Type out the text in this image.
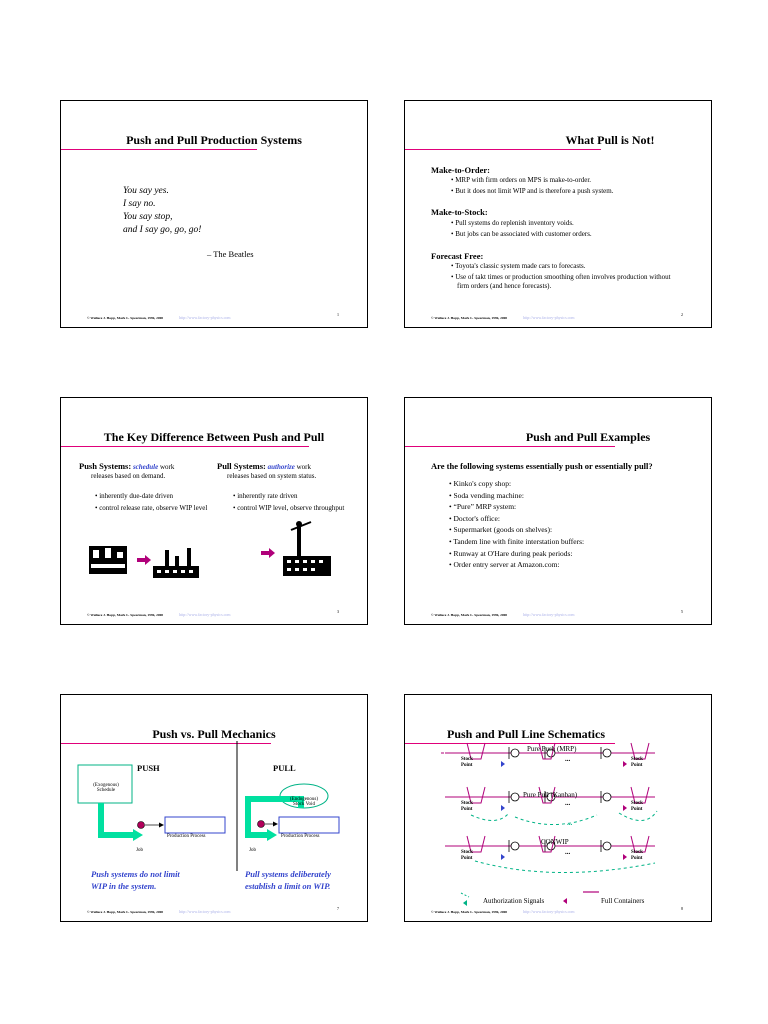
Push and Pull Production Systems
You say yes.
I say no.
You say stop,
and I say go, go, go!
– The Beatles
© Wallace J. Hopp, Mark L. Spearman, 1996, 2000	http://www.factory-physics.com
1
What Pull is Not!
Make-to-Order:
• MRP with firm orders on MPS is make-to-order.
• But it does not limit WIP and is therefore a push system.
Make-to-Stock:
• Pull systems do replenish inventory voids.
• But jobs can be associated with customer orders.
Forecast Free:
• Toyota's classic system made cars to forecasts.
• Use of takt times or production smoothing often involves production without firm orders (and hence forecasts).
© Wallace J. Hopp, Mark L. Spearman, 1996, 2000	http://www.factory-physics.com
2
The Key Difference Between Push and Pull
Push Systems: schedule work
releases based on demand.
• inherently due-date driven
• control release rate, observe WIP level
Pull Systems: authorize work
releases based on system status.
• inherently rate driven
• control WIP level, observe throughput
© Wallace J. Hopp, Mark L. Spearman, 1996, 2000	http://www.factory-physics.com
3
Push and Pull Examples
Are the following systems essentially push or essentially pull?
• Kinko's copy shop:
• Soda vending machine:
• “Pure” MRP system:
• Doctor's office:
• Supermarket (goods on shelves):
• Tandem line with finite interstation buffers:
• Runway at O'Hare during peak periods:
• Order entry server at Amazon.com:
© Wallace J. Hopp, Mark L. Spearman, 1996, 2000	http://www.factory-physics.com
5
Push vs. Pull Mechanics
PUSH	PULL
(Exogenous)
Schedule
(Endogenous)
Stock Void
Production Process	Production Process
Job	Job
Push systems do not limit
WIP in the system.
Pull systems deliberately
establish a limit on WIP.
© Wallace J. Hopp, Mark L. Spearman, 1996, 2000	http://www.factory-physics.com
7
Push and Pull Line Schematics
Pure Push (MRP)
Pure Pull (Kanban)
CONWIP
Stock
Point
Stock
Point
Stock
Point
Stock
Point
Stock
Point
Stock
Point
...
...
...
...
Authorization Signals	Full Containers
© Wallace J. Hopp, Mark L. Spearman, 1996, 2000	http://www.factory-physics.com
8
